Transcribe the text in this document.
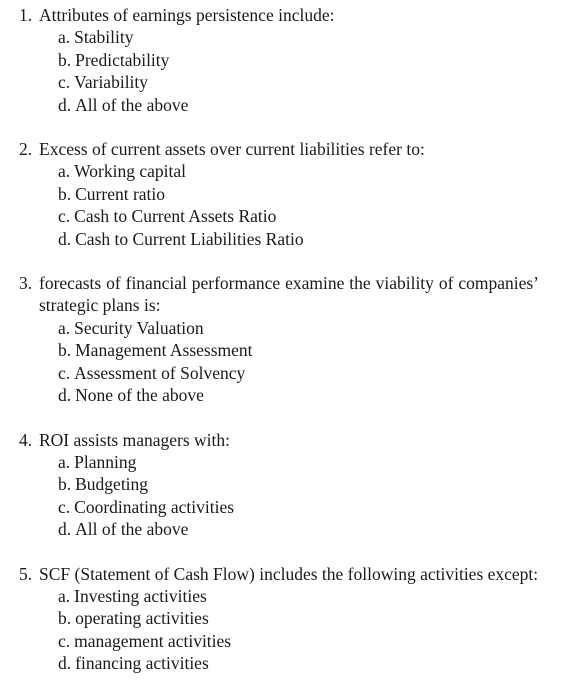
1. Attributes of earnings persistence include:
a. Stability
b. Predictability
c. Variability
d. All of the above
2. Excess of current assets over current liabilities refer to:
a. Working capital
b. Current ratio
c. Cash to Current Assets Ratio
d. Cash to Current Liabilities Ratio
3. forecasts of financial performance examine the viability of companies’ strategic plans is:
a. Security Valuation
b. Management Assessment
c. Assessment of Solvency
d. None of the above
4. ROI assists managers with:
a. Planning
b. Budgeting
c. Coordinating activities
d. All of the above
5. SCF (Statement of Cash Flow) includes the following activities except:
a. Investing activities
b. operating activities
c. management activities
d. financing activities
